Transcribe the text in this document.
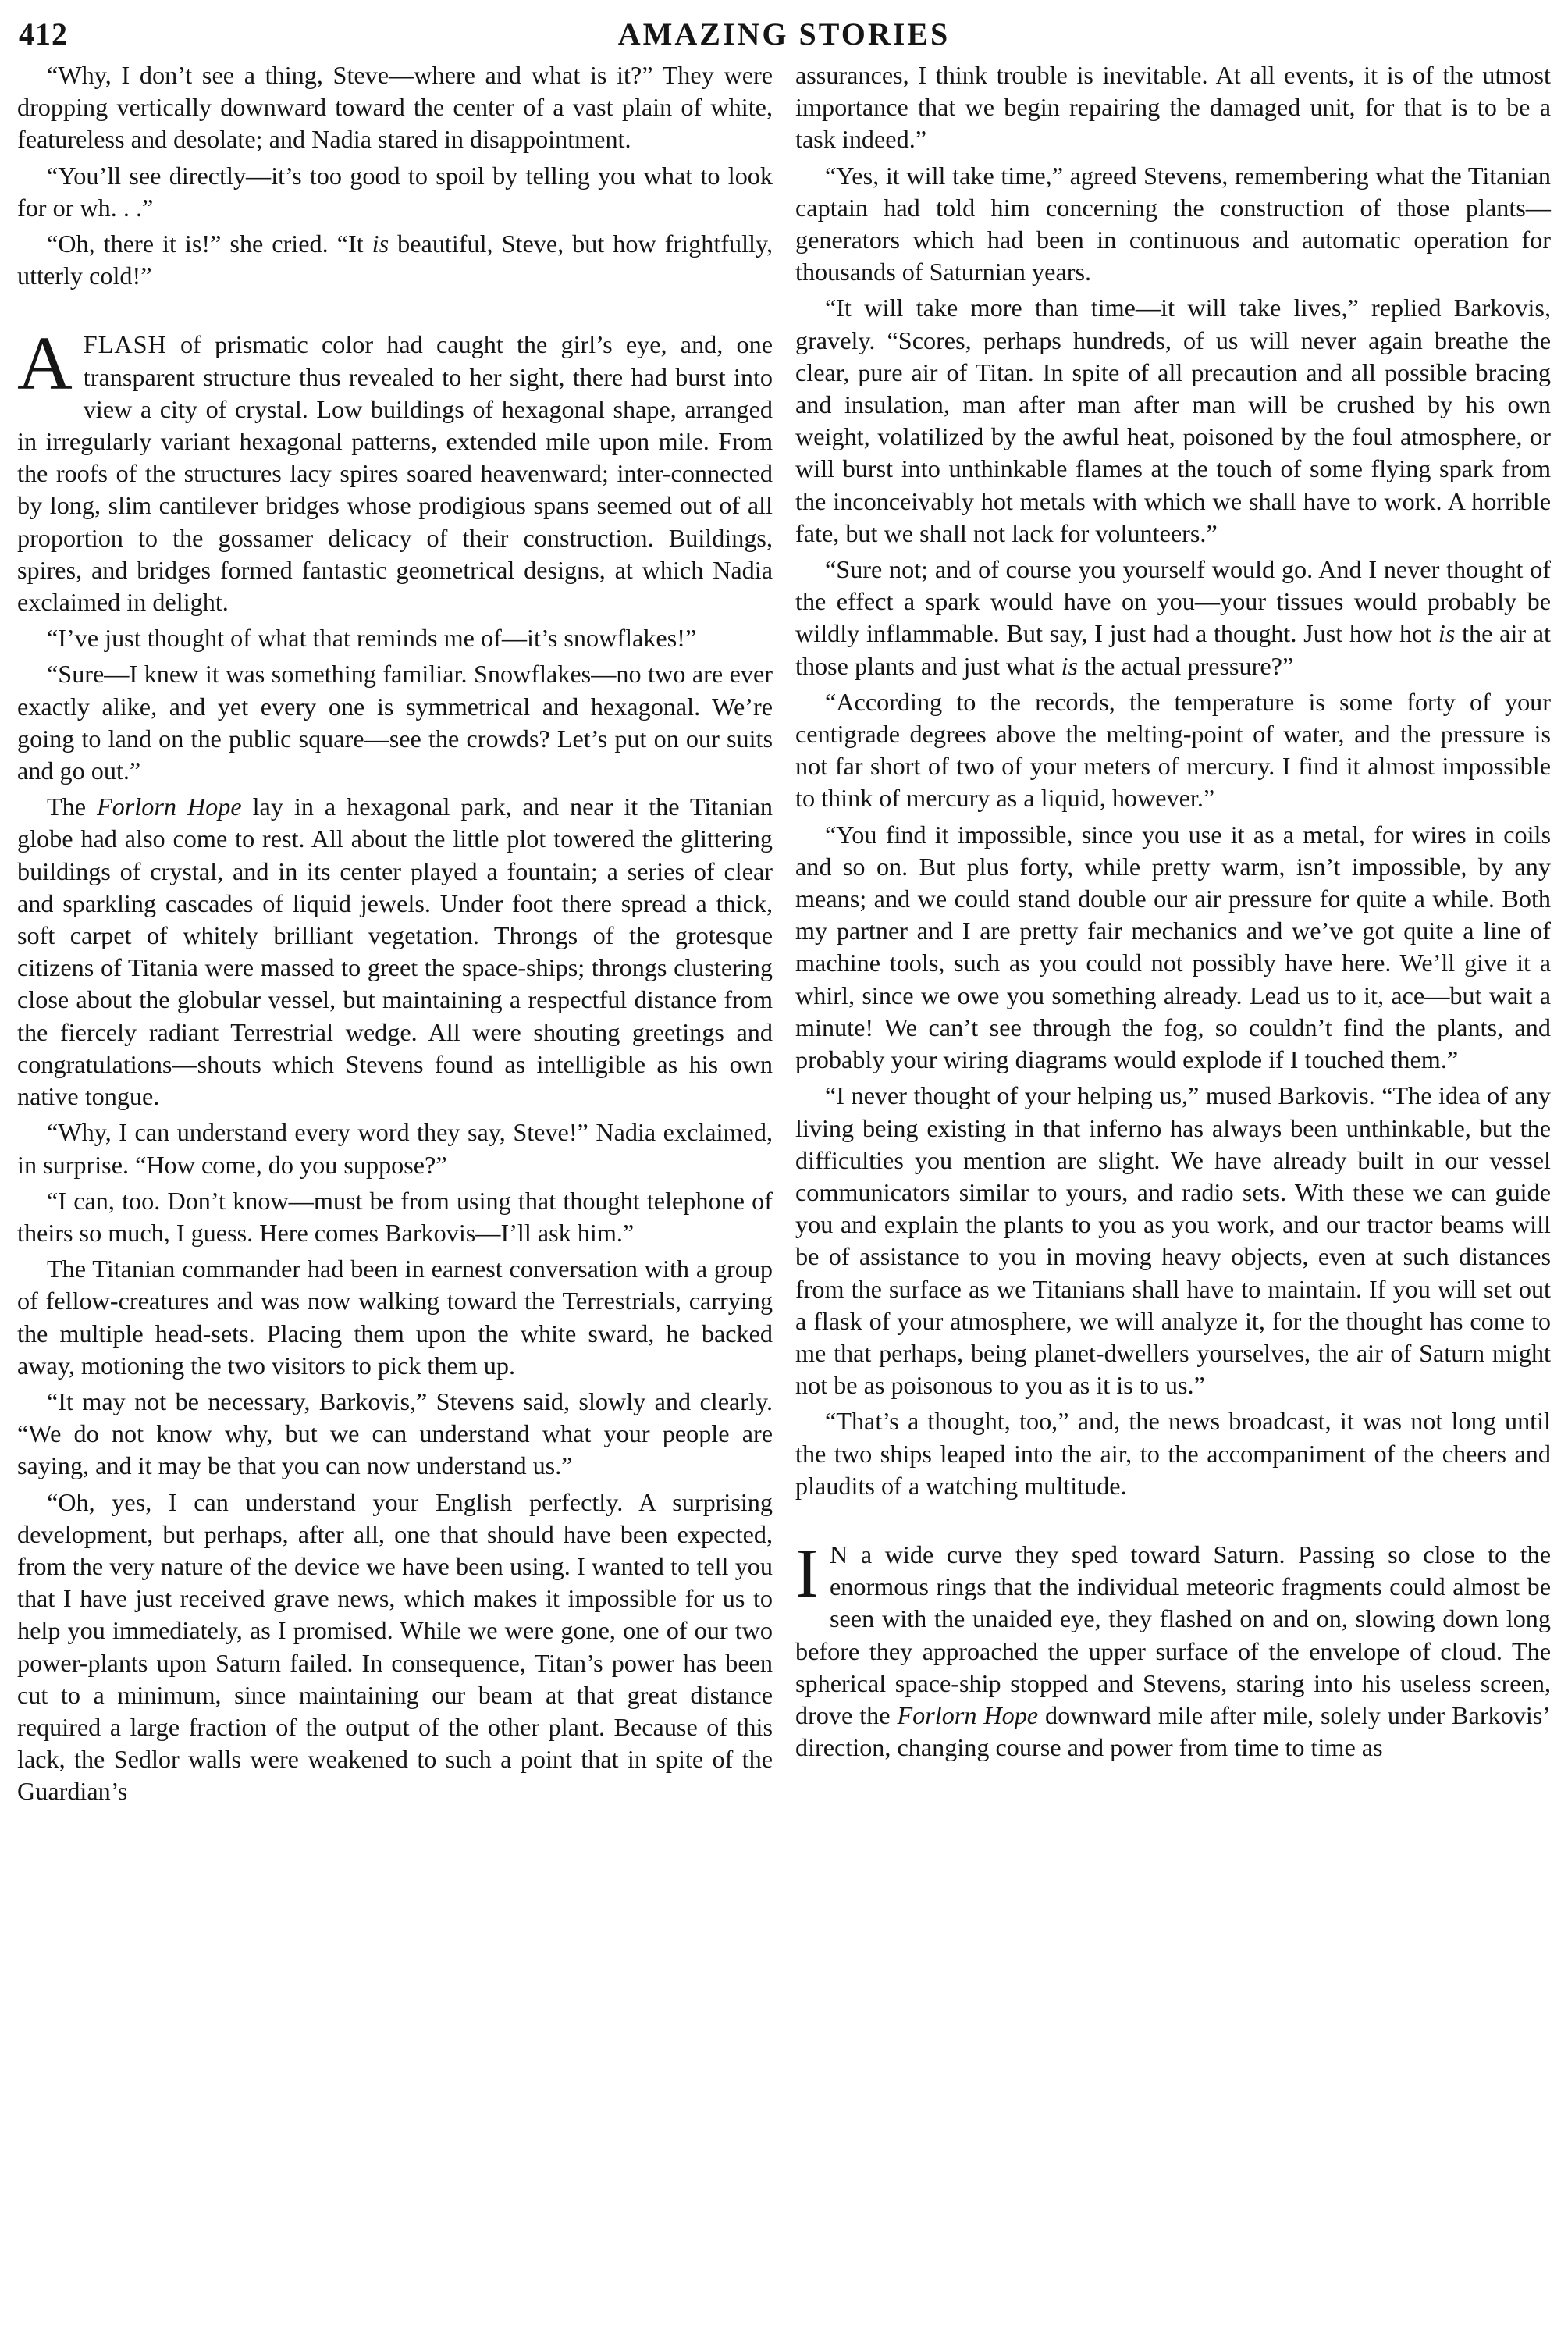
412	AMAZING STORIES

“Why, I don’t see a thing, Steve—where and what is it?” They were dropping vertically downward toward the center of a vast plain of white, featureless and desolate; and Nadia stared in disappointment.

“You’ll see directly—it’s too good to spoil by telling you what to look for or wh. . .”

“Oh, there it is!” she cried. “It is beautiful, Steve, but how frightfully, utterly cold!”

AFLASH of prismatic color had caught the girl’s eye, and, one transparent structure thus revealed to her sight, there had burst into view a city of crystal. Low buildings of hexagonal shape, arranged in irregularly variant hexagonal patterns, extended mile upon mile. From the roofs of the structures lacy spires soared heavenward; inter-connected by long, slim cantilever bridges whose prodigious spans seemed out of all proportion to the gossamer delicacy of their construction. Buildings, spires, and bridges formed fantastic geometrical designs, at which Nadia exclaimed in delight.

“I’ve just thought of what that reminds me of—it’s snowflakes!”

“Sure—I knew it was something familiar. Snowflakes—no two are ever exactly alike, and yet every one is symmetrical and hexagonal. We’re going to land on the public square—see the crowds? Let’s put on our suits and go out.”

The Forlorn Hope lay in a hexagonal park, and near it the Titanian globe had also come to rest. All about the little plot towered the glittering buildings of crystal, and in its center played a fountain; a series of clear and sparkling cascades of liquid jewels. Under foot there spread a thick, soft carpet of whitely brilliant vegetation. Throngs of the grotesque citizens of Titania were massed to greet the space-ships; throngs clustering close about the globular vessel, but maintaining a respectful distance from the fiercely radiant Terrestrial wedge. All were shouting greetings and congratulations—shouts which Stevens found as intelligible as his own native tongue.

“Why, I can understand every word they say, Steve!” Nadia exclaimed, in surprise. “How come, do you suppose?”

“I can, too. Don’t know—must be from using that thought telephone of theirs so much, I guess. Here comes Barkovis—I’ll ask him.”

The Titanian commander had been in earnest conversation with a group of fellow-creatures and was now walking toward the Terrestrials, carrying the multiple head-sets. Placing them upon the white sward, he backed away, motioning the two visitors to pick them up.

“It may not be necessary, Barkovis,” Stevens said, slowly and clearly. “We do not know why, but we can understand what your people are saying, and it may be that you can now understand us.”

“Oh, yes, I can understand your English perfectly. A surprising development, but perhaps, after all, one that should have been expected, from the very nature of the device we have been using. I wanted to tell you that I have just received grave news, which makes it impossible for us to help you immediately, as I promised. While we were gone, one of our two power-plants upon Saturn failed. In consequence, Titan’s power has been cut to a minimum, since maintaining our beam at that great distance required a large fraction of the output of the other plant. Because of this lack, the Sedlor walls were weakened to such a point that in spite of the Guardian’s

assurances, I think trouble is inevitable. At all events, it is of the utmost importance that we begin repairing the damaged unit, for that is to be a task indeed.”

“Yes, it will take time,” agreed Stevens, remembering what the Titanian captain had told him concerning the construction of those plants—generators which had been in continuous and automatic operation for thousands of Saturnian years.

“It will take more than time—it will take lives,” replied Barkovis, gravely. “Scores, perhaps hundreds, of us will never again breathe the clear, pure air of Titan. In spite of all precaution and all possible bracing and insulation, man after man after man will be crushed by his own weight, volatilized by the awful heat, poisoned by the foul atmosphere, or will burst into unthinkable flames at the touch of some flying spark from the inconceivably hot metals with which we shall have to work. A horrible fate, but we shall not lack for volunteers.”

“Sure not; and of course you yourself would go. And I never thought of the effect a spark would have on you—your tissues would probably be wildly inflammable. But say, I just had a thought. Just how hot is the air at those plants and just what is the actual pressure?”

“According to the records, the temperature is some forty of your centigrade degrees above the melting-point of water, and the pressure is not far short of two of your meters of mercury. I find it almost impossible to think of mercury as a liquid, however.”

“You find it impossible, since you use it as a metal, for wires in coils and so on. But plus forty, while pretty warm, isn’t impossible, by any means; and we could stand double our air pressure for quite a while. Both my partner and I are pretty fair mechanics and we’ve got quite a line of machine tools, such as you could not possibly have here. We’ll give it a whirl, since we owe you something already. Lead us to it, ace—but wait a minute! We can’t see through the fog, so couldn’t find the plants, and probably your wiring diagrams would explode if I touched them.”

“I never thought of your helping us,” mused Barkovis. “The idea of any living being existing in that inferno has always been unthinkable, but the difficulties you mention are slight. We have already built in our vessel communicators similar to yours, and radio sets. With these we can guide you and explain the plants to you as you work, and our tractor beams will be of assistance to you in moving heavy objects, even at such distances from the surface as we Titanians shall have to maintain. If you will set out a flask of your atmosphere, we will analyze it, for the thought has come to me that perhaps, being planet-dwellers yourselves, the air of Saturn might not be as poisonous to you as it is to us.”

“That’s a thought, too,” and, the news broadcast, it was not long until the two ships leaped into the air, to the accompaniment of the cheers and plaudits of a watching multitude.

I N a wide curve they sped toward Saturn. Passing so close to the enormous rings that the individual meteoric fragments could almost be seen with the unaided eye, they flashed on and on, slowing down long before they approached the upper surface of the envelope of cloud. The spherical space-ship stopped and Stevens, staring into his useless screen, drove the Forlorn Hope downward mile after mile, solely under Barkovis’ direction, changing course and power from time to time as
